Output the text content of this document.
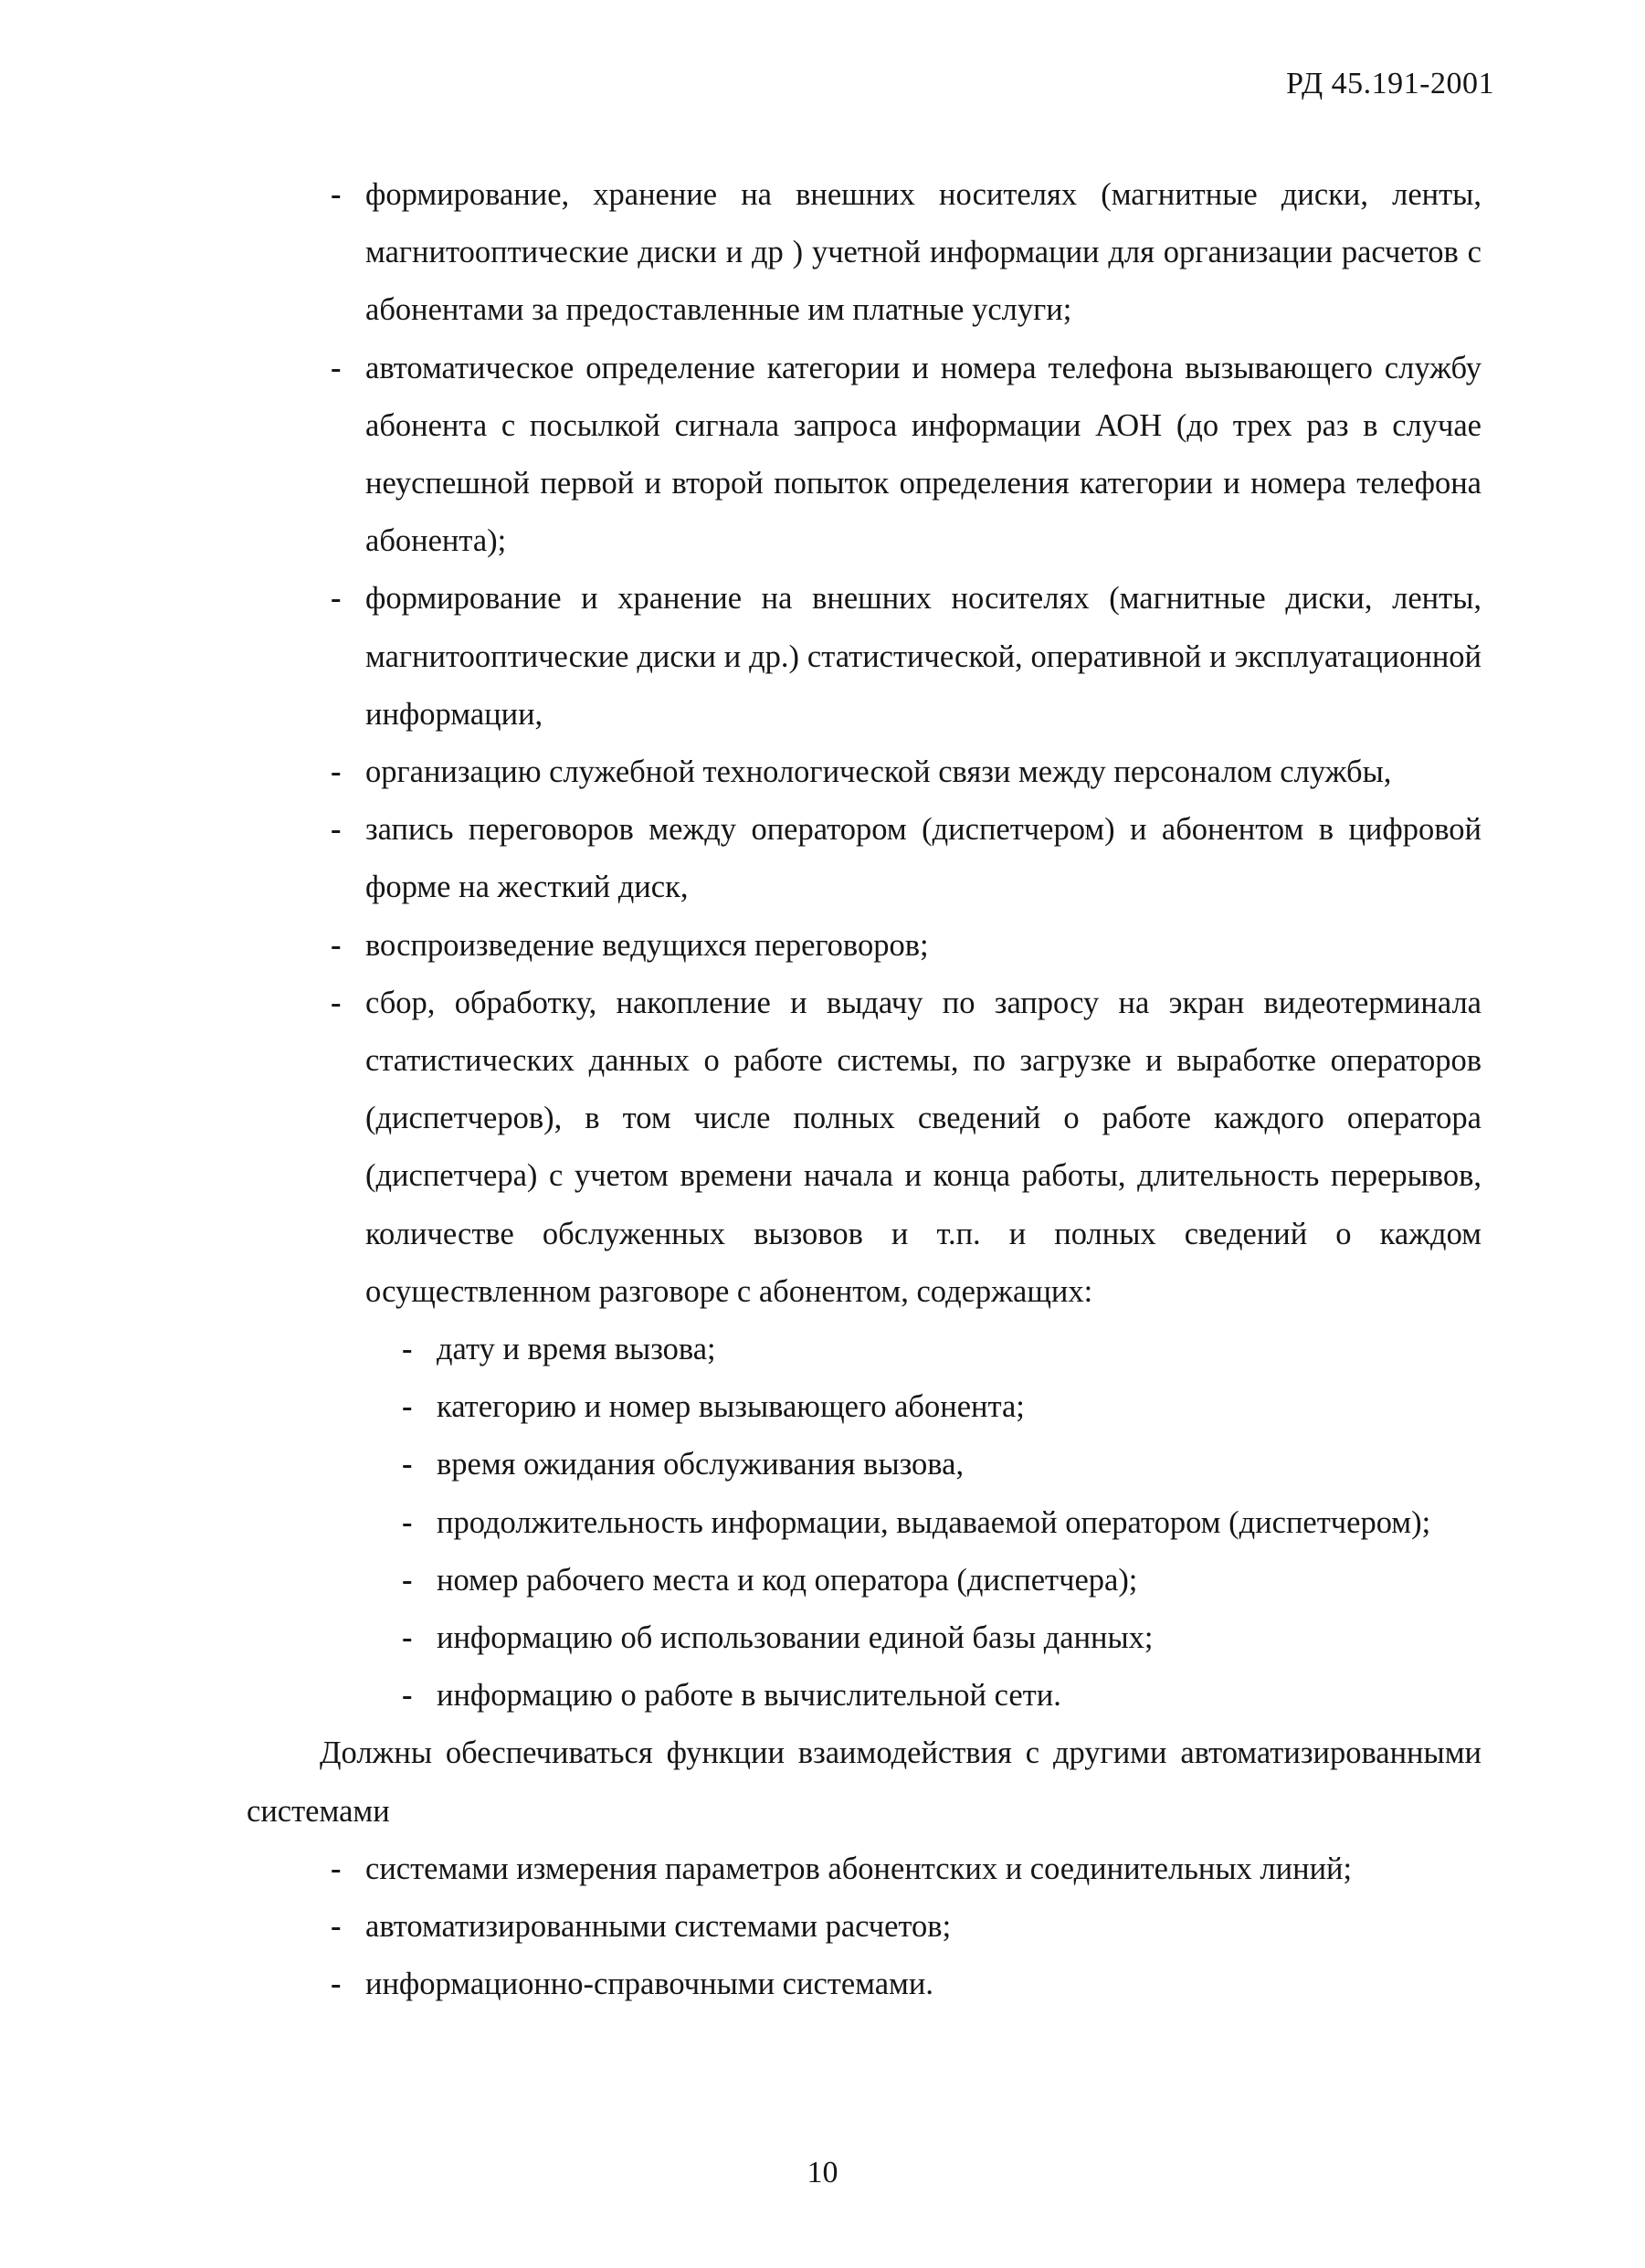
РД 45.191-2001

- формирование, хранение на внешних носителях (магнитные диски, ленты, магнитооптические диски и др ) учетной информации для организации расчетов с абонентами за предоставленные им платные услуги;
- автоматическое определение категории и номера телефона вызывающего службу абонента с посылкой сигнала запроса информации АОН (до трех раз в случае неуспешной первой и второй попыток определения категории и номера телефона абонента);
- формирование и хранение на внешних носителях (магнитные диски, ленты, магнитооптические диски и др.) статистической, оперативной и эксплуатационной информации,
- организацию служебной технологической связи между персоналом службы,
- запись переговоров между оператором (диспетчером) и абонентом в цифровой форме на жесткий диск,
- воспроизведение ведущихся переговоров;
- сбор, обработку, накопление и выдачу по запросу на экран видеотерминала статистических данных о работе системы, по загрузке и выработке операторов (диспетчеров), в том числе полных сведений о работе каждого оператора (диспетчера) с учетом времени начала и конца работы, длительность перерывов, количестве обслуженных вызовов и т.п. и полных сведений о каждом осуществленном разговоре с абонентом, содержащих:
- дату и время вызова;
- категорию и номер вызывающего абонента;
- время ожидания обслуживания вызова,
- продолжительность информации, выдаваемой оператором (диспетчером);
- номер рабочего места и код оператора (диспетчера);
- информацию об использовании единой базы данных;
- информацию о работе в вычислительной сети.

Должны обеспечиваться функции взаимодействия с другими автоматизированными системами

- системами измерения параметров абонентских и соединительных линий;
- автоматизированными системами расчетов;
- информационно-справочными системами.

10
